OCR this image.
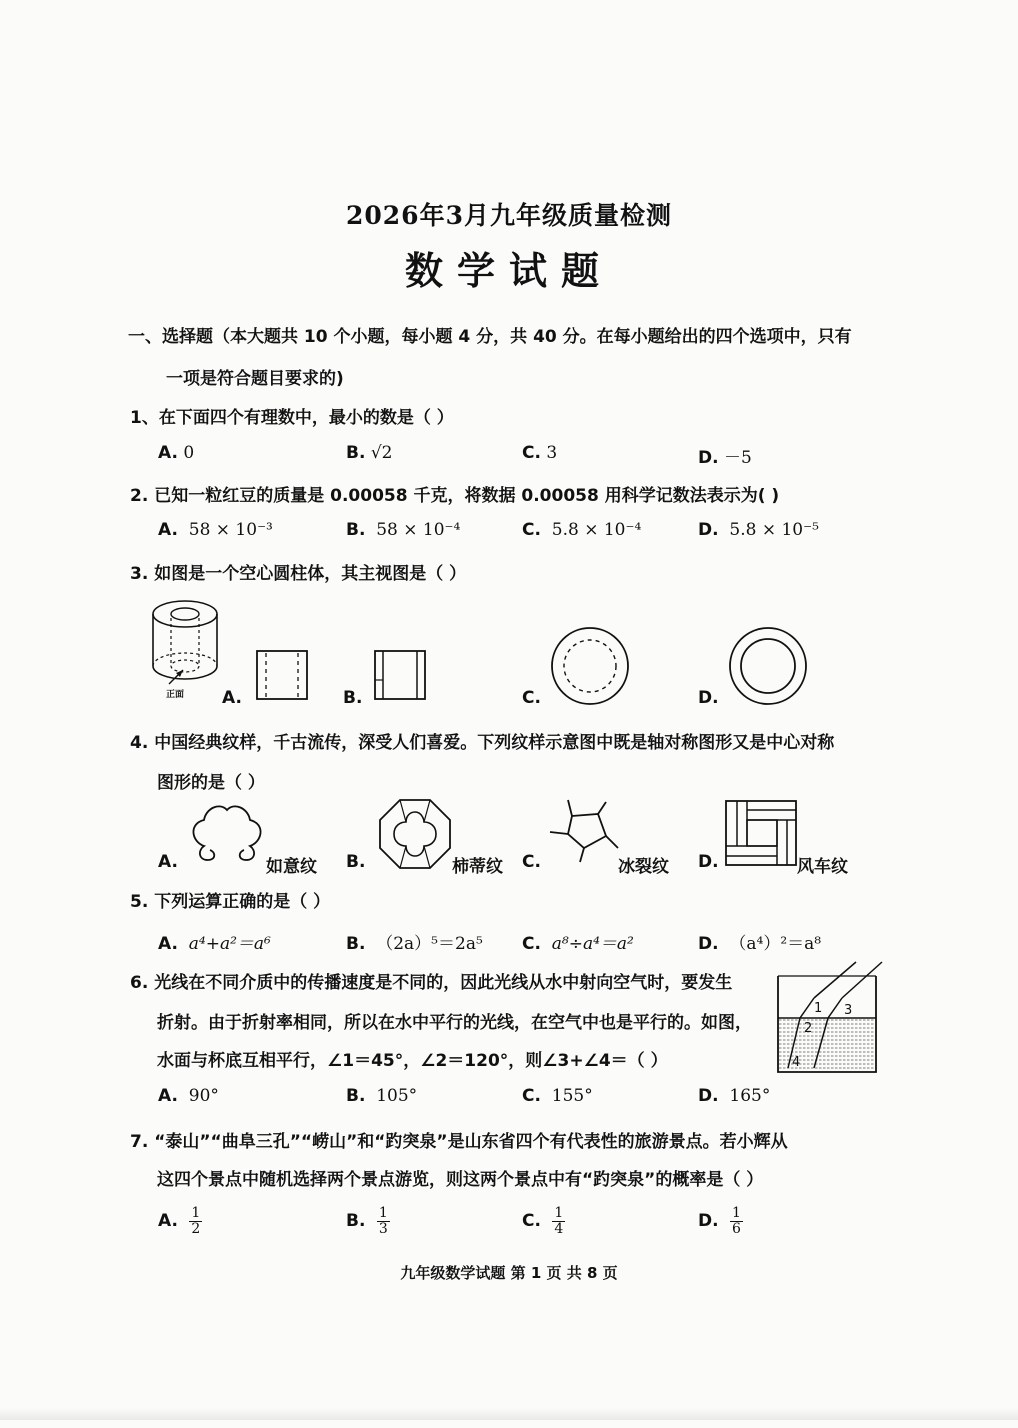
2026年3月九年级质量检测
数学试题
一、选择题（本大题共 10 个小题，每小题 4 分，共 40 分。在每小题给出的四个选项中，只有
一项是符合题目要求的)
1、在下面四个有理数中，最小的数是（ ）
A. 0	B. √2	C. 3	D. －5
2. 已知一粒红豆的质量是 0.00058 千克，将数据 0.00058 用科学记数法表示为( )
A. 58 × 10⁻³	B. 58 × 10⁻⁴	C. 5.8 × 10⁻⁴	D. 5.8 × 10⁻⁵
3. 如图是一个空心圆柱体，其主视图是（ ）
正面 A.	B.	C.	D.
4. 中国经典纹样，千古流传，深受人们喜爱。下列纹样示意图中既是轴对称图形又是中心对称
图形的是（ ）
A.	如意纹 B.	柿蒂纹 C.	冰裂纹 D.	风车纹
5. 下列运算正确的是（ ）
A. a⁴+a²＝a⁶	B. （2a）⁵＝2a⁵ C. a⁸÷a⁴＝a²	D. （a⁴）²＝a⁸
6. 光线在不同介质中的传播速度是不同的，因此光线从水中射向空气时，要发生
折射。由于折射率相同，所以在水中平行的光线，在空气中也是平行的。如图，
水面与杯底互相平行，∠1＝45°，∠2＝120°，则∠3+∠4＝（ ）
1
2
3
4
A. 90°	B. 105°	C. 155°	D. 165°
7. “泰山”“曲阜三孔”“崂山”和“趵突泉”是山东省四个有代表性的旅游景点。若小辉从
这四个景点中随机选择两个景点游览，则这两个景点中有“趵突泉”的概率是（ ）
A. $\frac{1}{2}$	B. $\frac{1}{3}$	C. $\frac{1}{4}$	D. $\frac{1}{6}$
九年级数学试题 第 1 页 共 8 页
